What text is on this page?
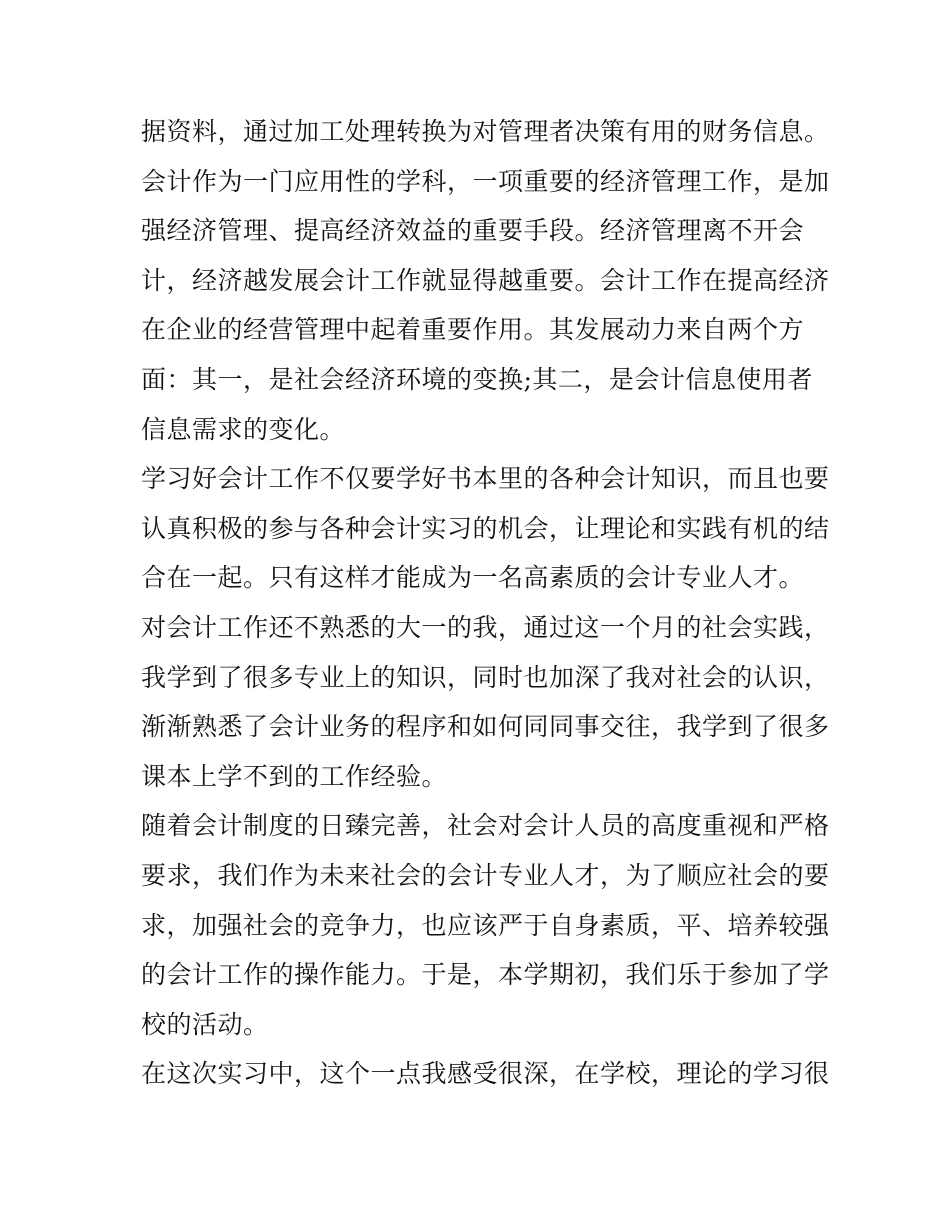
据资料，通过加工处理转换为对管理者决策有用的财务信息。
会计作为一门应用性的学科，一项重要的经济管理工作，是加
强经济管理、提高经济效益的重要手段。经济管理离不开会
计，经济越发展会计工作就显得越重要。会计工作在提高经济
在企业的经营管理中起着重要作用。其发展动力来自两个方
面：其一，是社会经济环境的变换;其二，是会计信息使用者
信息需求的变化。
学习好会计工作不仅要学好书本里的各种会计知识，而且也要
认真积极的参与各种会计实习的机会，让理论和实践有机的结
合在一起。只有这样才能成为一名高素质的会计专业人才。
对会计工作还不熟悉的大一的我，通过这一个月的社会实践，
我学到了很多专业上的知识，同时也加深了我对社会的认识，
渐渐熟悉了会计业务的程序和如何同同事交往，我学到了很多
课本上学不到的工作经验。
随着会计制度的日臻完善，社会对会计人员的高度重视和严格
要求，我们作为未来社会的会计专业人才，为了顺应社会的要
求，加强社会的竞争力，也应该严于自身素质，平、培养较强
的会计工作的操作能力。于是，本学期初，我们乐于参加了学
校的活动。
在这次实习中，这个一点我感受很深，在学校，理论的学习很
